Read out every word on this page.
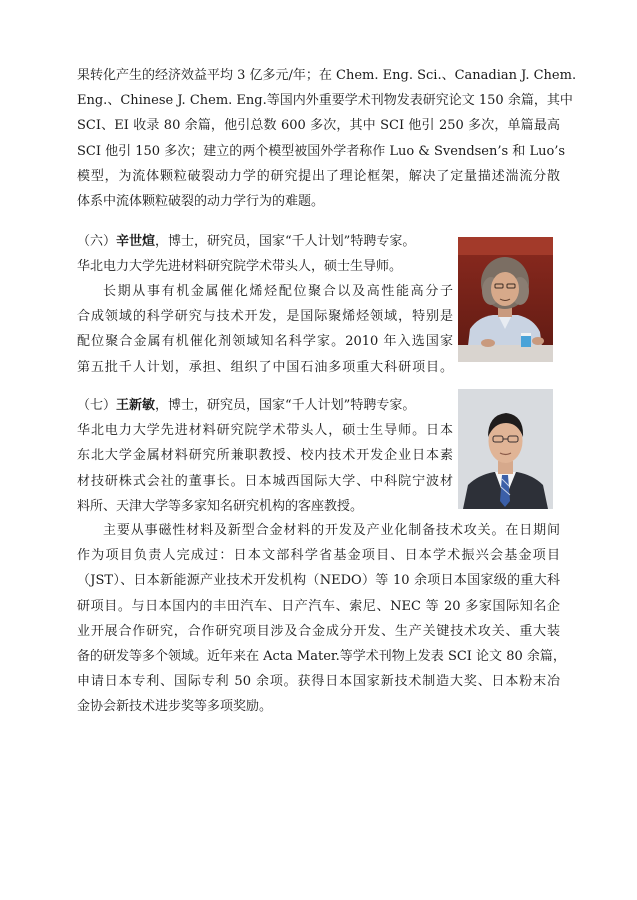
果转化产生的经济效益平均 3 亿多元/年；在 Chem. Eng. Sci.、Canadian J. Chem.
Eng.、Chinese J. Chem. Eng.等国内外重要学术刊物发表研究论文 150 余篇，其中
SCI、EI 收录 80 余篇，他引总数 600 多次，其中 SCI 他引 250 多次，单篇最高
SCI 他引 150 多次；建立的两个模型被国外学者称作 Luo & Svendsen’s 和 Luo’s
模型，为流体颗粒破裂动力学的研究提出了理论框架，解决了定量描述湍流分散
体系中流体颗粒破裂的动力学行为的难题。
（六）辛世煊，博士，研究员，国家“千人计划”特聘专家。
华北电力大学先进材料研究院学术带头人，硕士生导师。
长期从事有机金属催化烯烃配位聚合以及高性能高分子
合成领域的科学研究与技术开发，是国际聚烯烃领域，特别是
配位聚合金属有机催化剂领域知名科学家。2010 年入选国家
第五批千人计划，承担、组织了中国石油多项重大科研项目。
（七）王新敏，博士，研究员，国家“千人计划”特聘专家。
华北电力大学先进材料研究院学术带头人，硕士生导师。日本
东北大学金属材料研究所兼职教授、校内技术开发企业日本素
材技研株式会社的董事长。日本城西国际大学、中科院宁波材
料所、天津大学等多家知名研究机构的客座教授。
主要从事磁性材料及新型合金材料的开发及产业化制备技术攻关。在日期间
作为项目负责人完成过：日本文部科学省基金项目、日本学术振兴会基金项目
（JST）、日本新能源产业技术开发机构（NEDO）等 10 余项日本国家级的重大科
研项目。与日本国内的丰田汽车、日产汽车、索尼、NEC 等 20 多家国际知名企
业开展合作研究，合作研究项目涉及合金成分开发、生产关键技术攻关、重大装
备的研发等多个领域。近年来在 Acta Mater.等学术刊物上发表 SCI 论文 80 余篇，
申请日本专利、国际专利 50 余项。获得日本国家新技术制造大奖、日本粉末冶
金协会新技术进步奖等多项奖励。
